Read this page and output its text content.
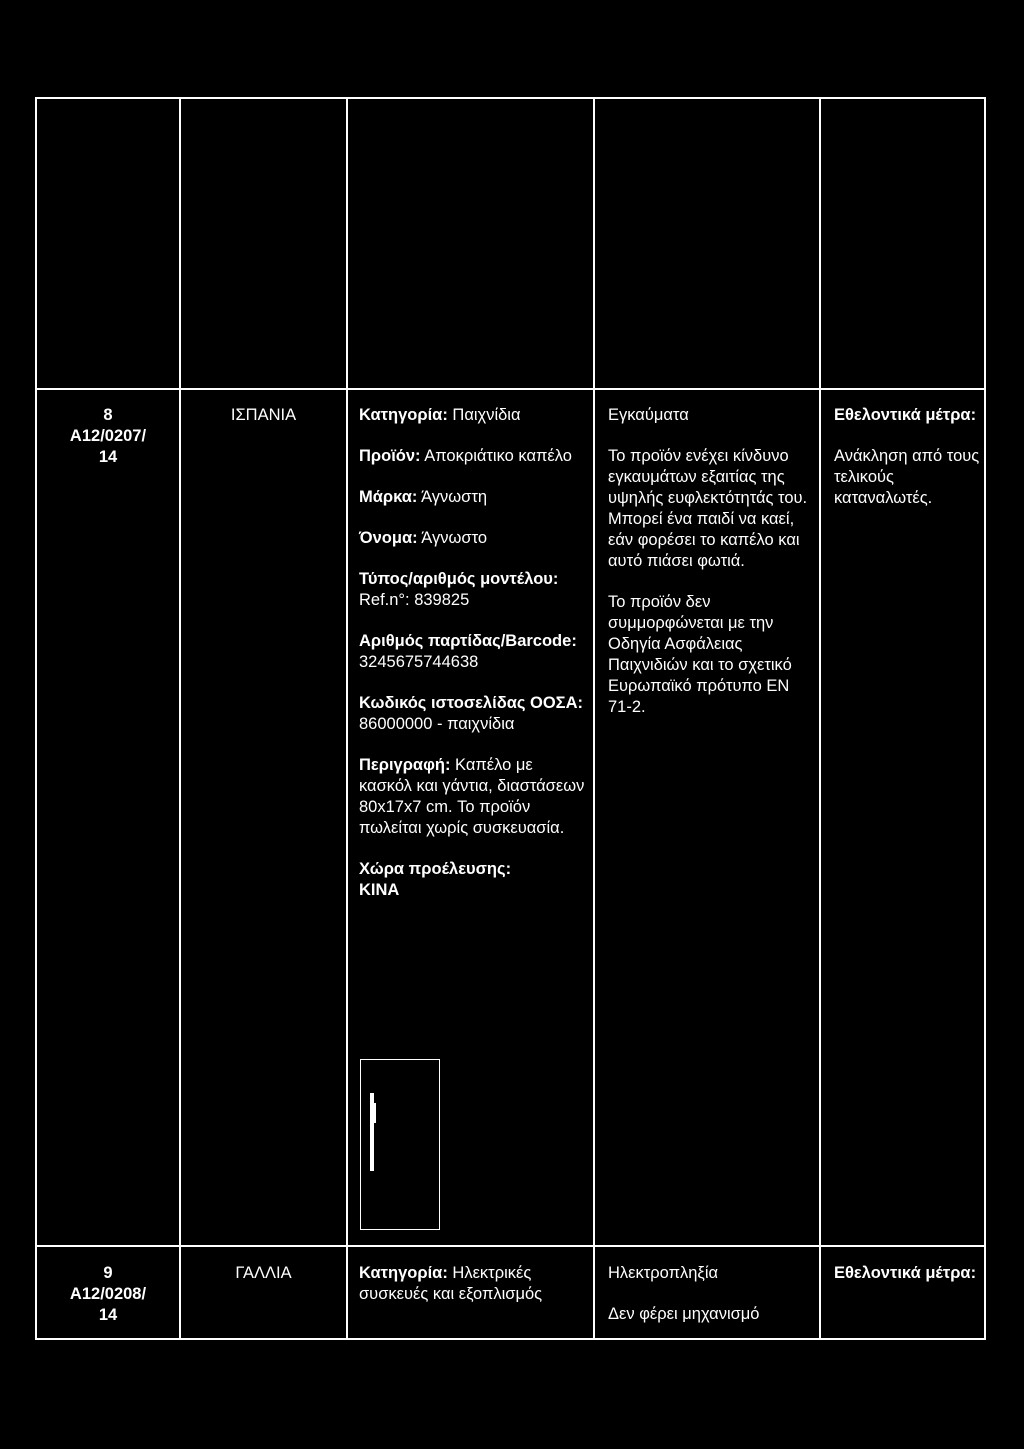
8
A12/0207/
14
ΙΣΠΑΝΙΑ	Κατηγορία: Παιχνίδια

Προϊόν: Αποκριάτικο καπέλο

Μάρκα: Άγνωστη

Όνομα: Άγνωστο

Τύπος/αριθμός μοντέλου: Ref.n°: 839825

Αριθμός παρτίδας/Barcode: 3245675744638

Κωδικός ιστοσελίδας ΟΟΣΑ: 86000000 - παιχνίδια

Περιγραφή: Καπέλο με κασκόλ και γάντια, διαστάσεων 80x17x7 cm. Το προϊόν πωλείται χωρίς συσκευασία.

Χώρα προέλευσης:
ΚΙΝΑ

Εγκαύματα

Το προϊόν ενέχει κίνδυνο εγκαυμάτων εξαιτίας της υψηλής ευφλεκτότητάς του. Μπορεί ένα παιδί να καεί, εάν φορέσει το καπέλο και αυτό πιάσει φωτιά.

Το προϊόν δεν συμμορφώνεται με την Οδηγία Ασφάλειας Παιχνιδιών και το σχετικό Ευρωπαϊκό πρότυπο EN 71-2.

Εθελοντικά μέτρα:

Ανάκληση από τους τελικούς καταναλωτές.

9
A12/0208/
14
ΓΑΛΛΙΑ	Κατηγορία: Ηλεκτρικές συσκευές και εξοπλισμός

Ηλεκτροπληξία

Δεν φέρει μηχανισμό

Εθελοντικά μέτρα:
